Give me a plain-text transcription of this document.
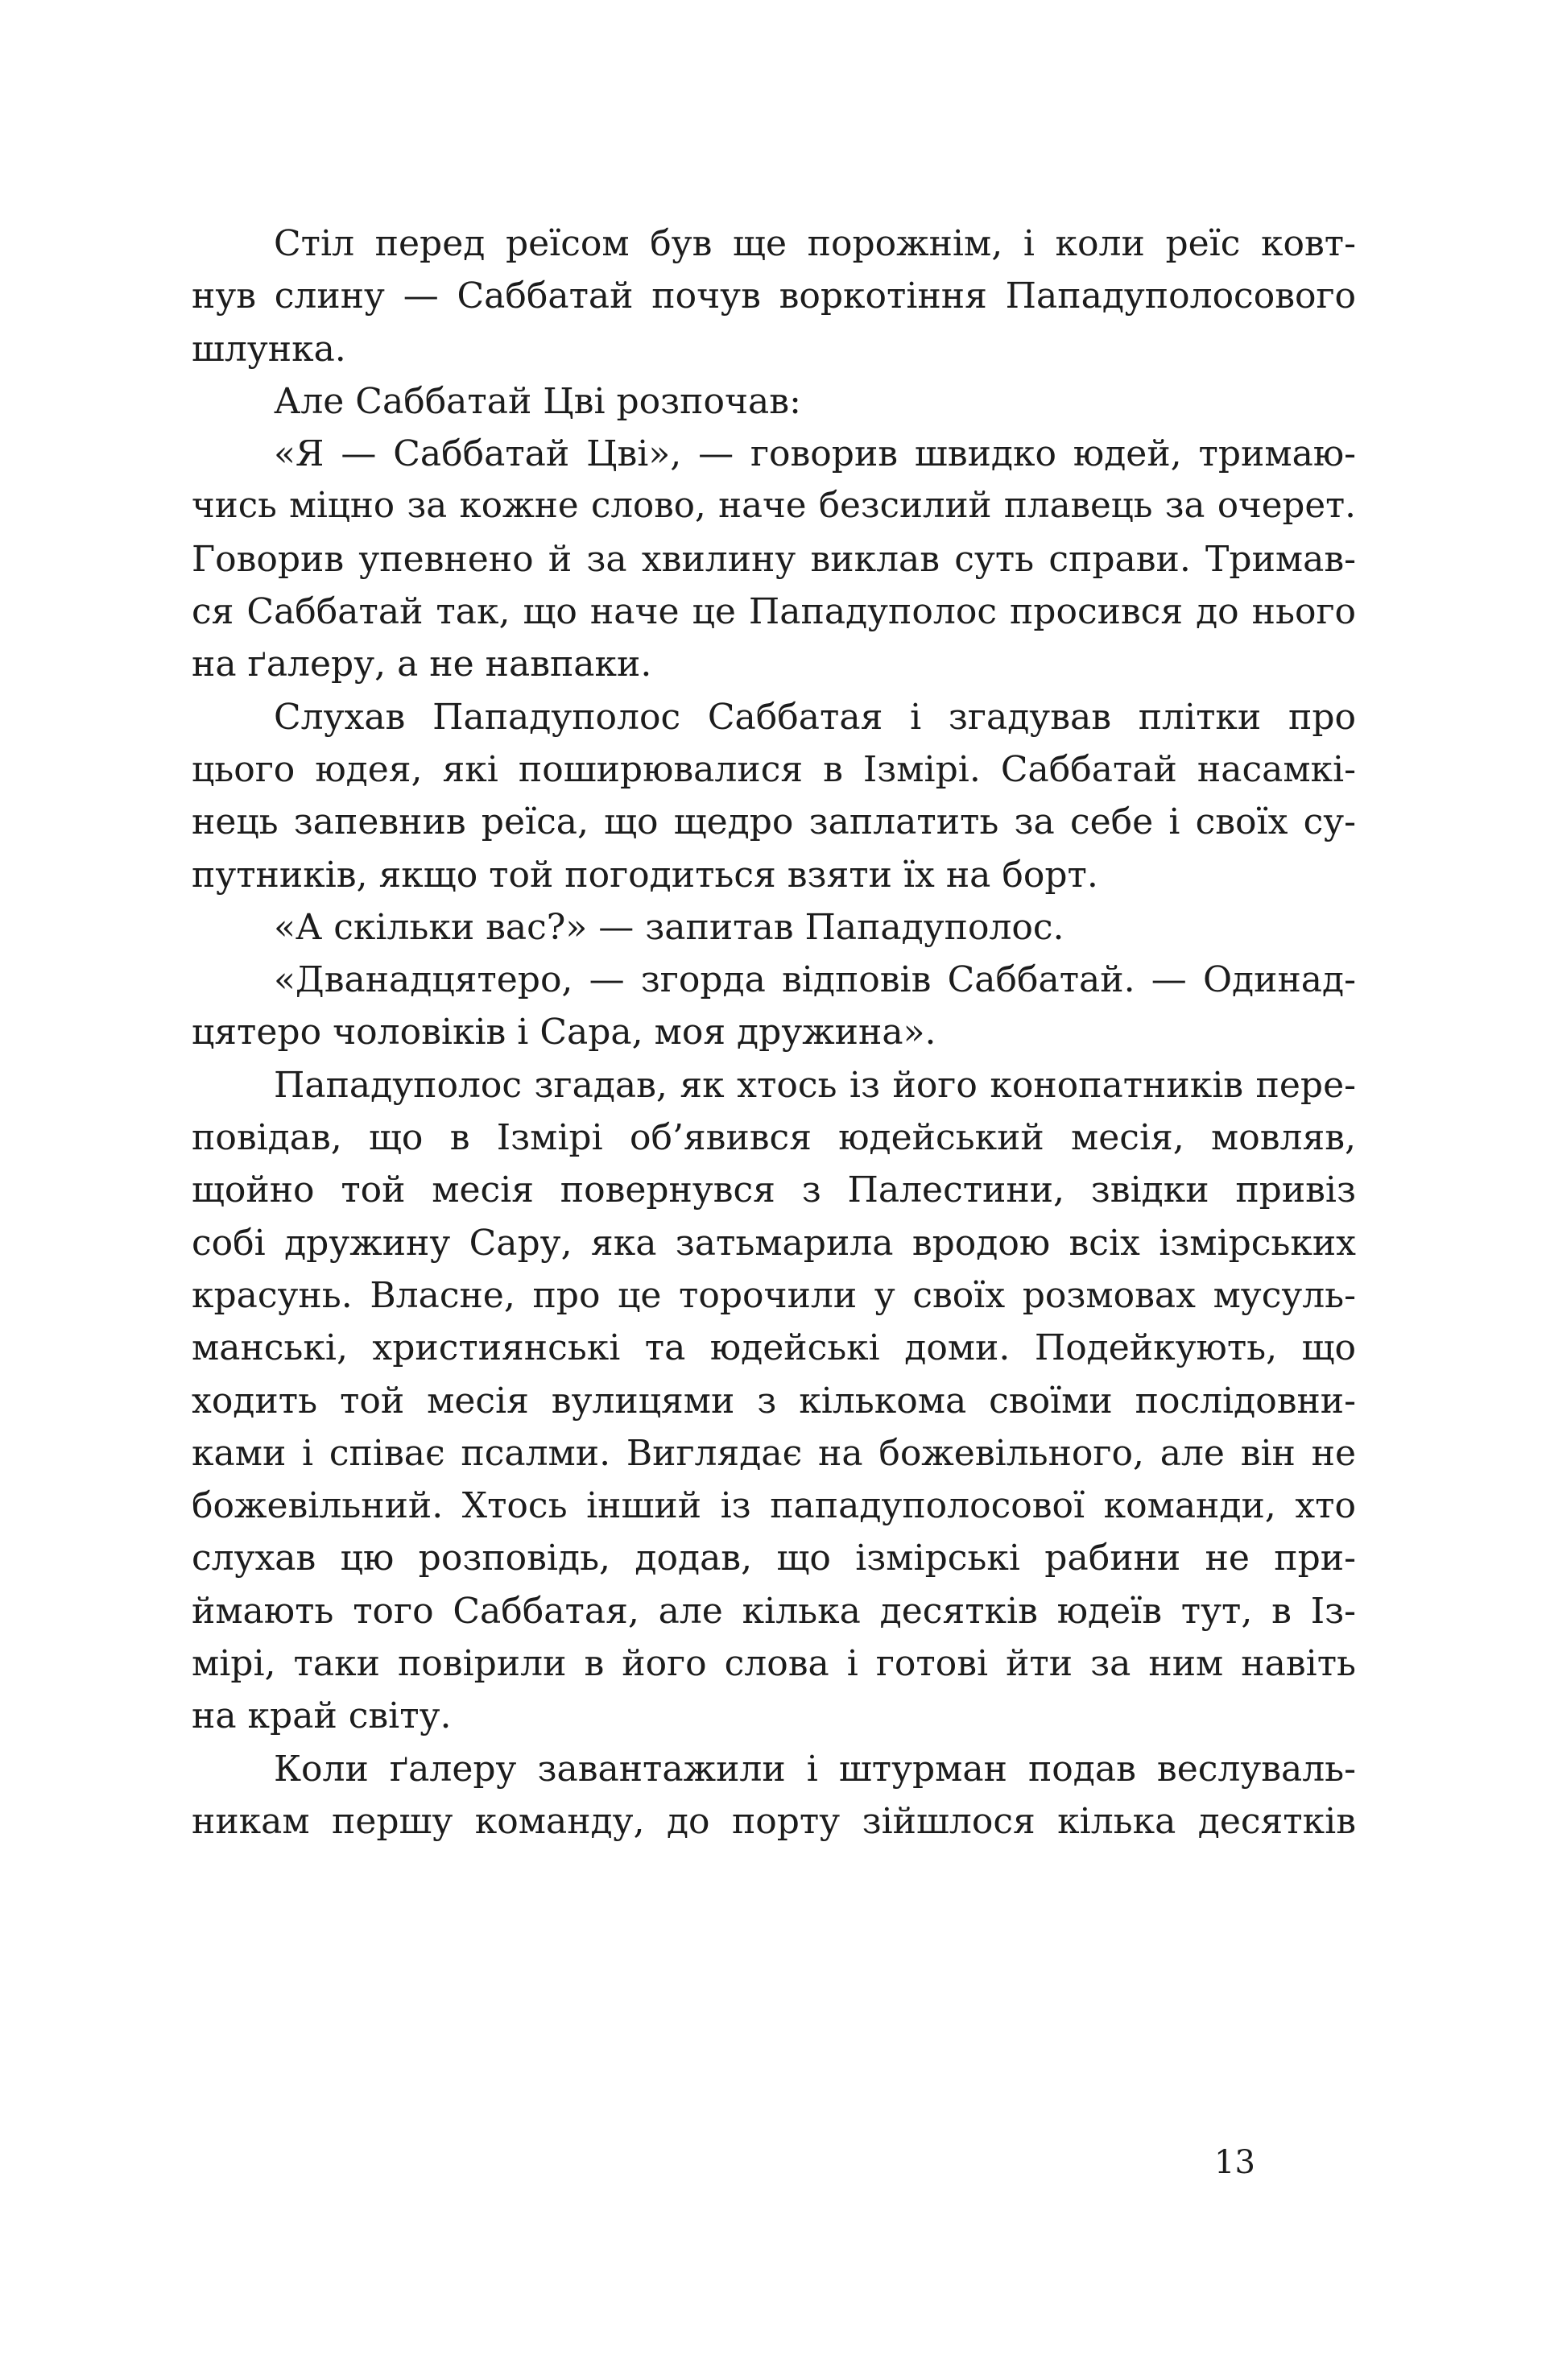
Стіл перед реїсом був ще порожнім, і коли реїс ковт-
нув слину — Саббатай почув воркотіння Пападуполосового
шлунка.
Але Саббатай Цві розпочав:
«Я — Саббатай Цві», — говорив швидко юдей, тримаю-
чись міцно за кожне слово, наче безсилий плавець за очерет.
Говорив упевнено й за хвилину виклав суть справи. Тримав-
ся Саббатай так, що наче це Пападуполос просився до нього
на ґалеру, а не навпаки.
Слухав Пападуполос Саббатая і згадував плітки про
цього юдея, які поширювалися в Ізмірі. Саббатай насамкі-
нець запевнив реїса, що щедро заплатить за себе і своїх су-
путників, якщо той погодиться взяти їх на борт.
«А скільки вас?» — запитав Пападуполос.
«Дванадцятеро, — згорда відповів Саббатай. — Одинад-
цятеро чоловіків і Сара, моя дружина».
Пападуполос згадав, як хтось із його конопатників пере-
повідав, що в Ізмірі об’явився юдейський месія, мовляв,
щойно той месія повернувся з Палестини, звідки привіз
собі дружину Сару, яка затьмарила вродою всіх ізмірських
красунь. Власне, про це торочили у своїх розмовах мусуль-
манські, християнські та юдейські доми. Подейкують, що
ходить той месія вулицями з кількома своїми послідовни-
ками і співає псалми. Виглядає на божевільного, але він не
божевільний. Хтось інший із пападуполосової команди, хто
слухав цю розповідь, додав, що ізмірські рабини не при-
ймають того Саббатая, але кілька десятків юдеїв тут, в Із-
мірі, таки повірили в його слова і готові йти за ним навіть
на край світу.
Коли ґалеру завантажили і штурман подав веслуваль-
никам першу команду, до порту зійшлося кілька десятків
13
